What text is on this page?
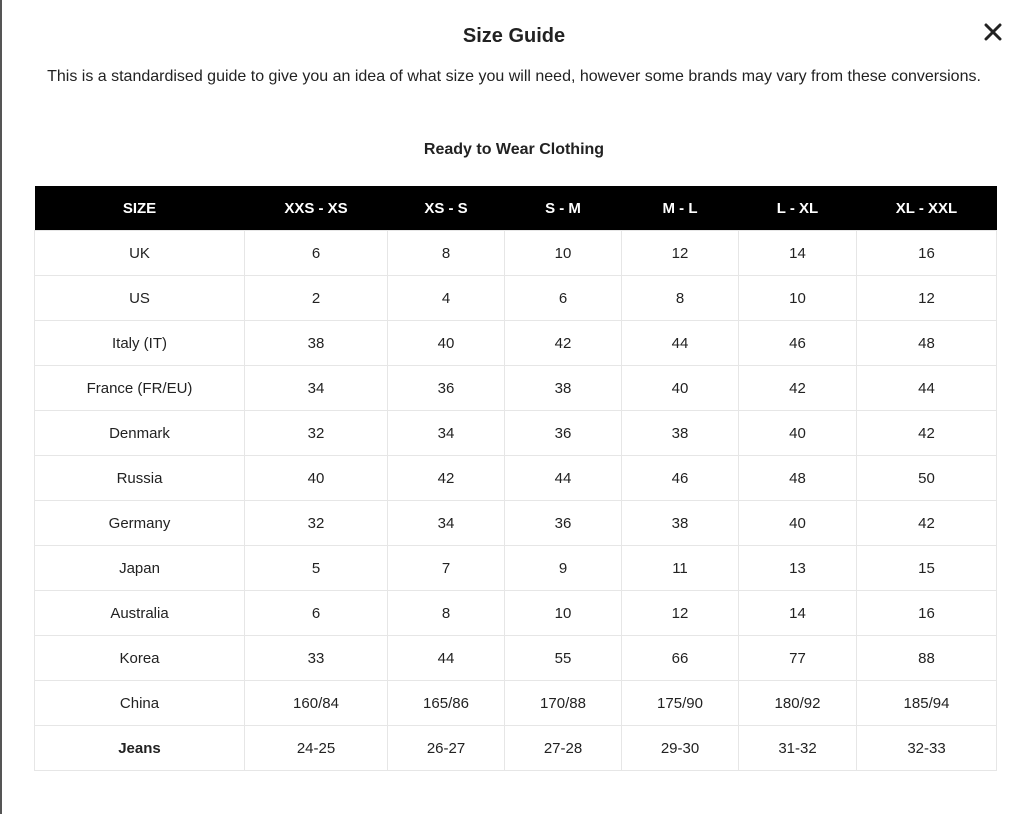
Size Guide

This is a standardised guide to give you an idea of what size you will need, however some brands may vary from these conversions.

Ready to Wear Clothing
SIZE	XXS - XS	XS - S	S - M	M - L	L - XL	XL - XXL
UK	6	8	10	12	14	16
US	2	4	6	8	10	12
Italy (IT)	38	40	42	44	46	48
France (FR/EU)	34	36	38	40	42	44
Denmark	32	34	36	38	40	42
Russia	40	42	44	46	48	50
Germany	32	34	36	38	40	42
Japan	5	7	9	11	13	15
Australia	6	8	10	12	14	16
Korea	33	44	55	66	77	88
China	160/84	165/86	170/88	175/90	180/92	185/94
Jeans	24-25	26-27	27-28	29-30	31-32	32-33
